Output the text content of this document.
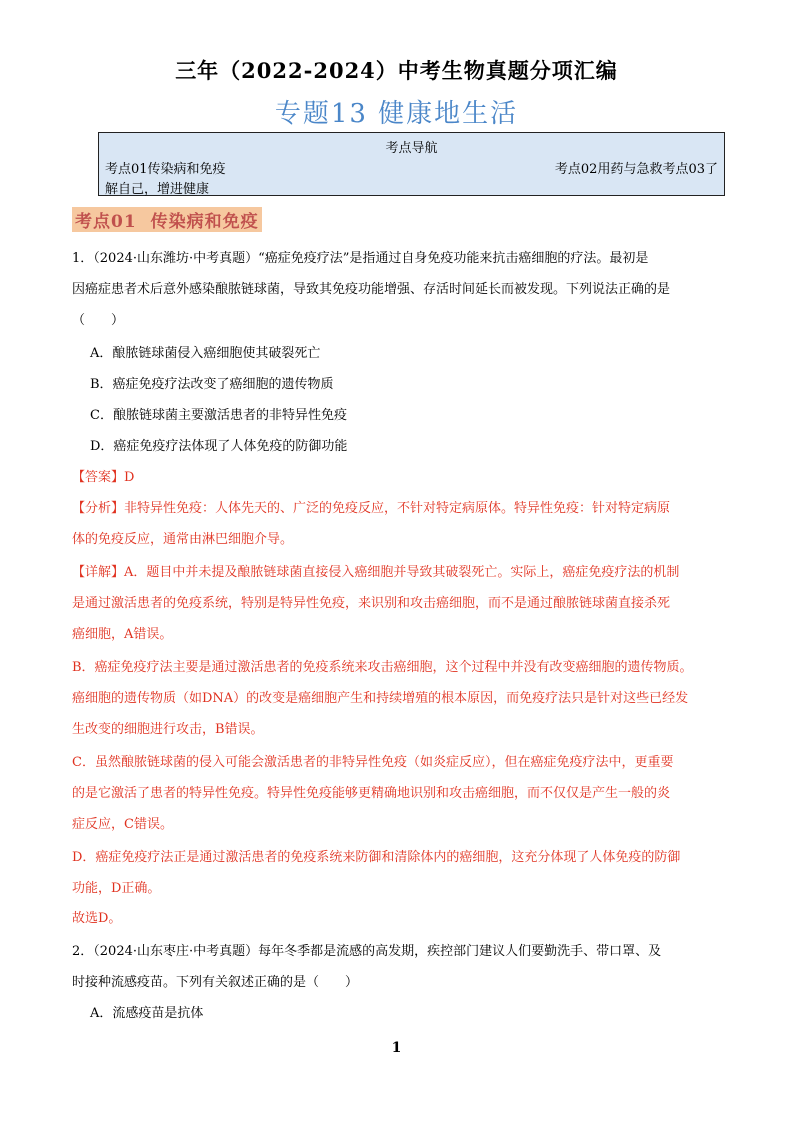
三年（2022-2024）中考生物真题分项汇编
专题13 健康地生活
考点导航
考点01传染病和免疫	考点02用药与急救考点03了
解自己，增进健康
考点01 传染病和免疫
1．（2024·山东潍坊·中考真题）“癌症免疫疗法”是指通过自身免疫功能来抗击癌细胞的疗法。最初是
因癌症患者术后意外感染酿脓链球菌，导致其免疫功能增强、存活时间延长而被发现。下列说法正确的是
（　　）
A．酿脓链球菌侵入癌细胞使其破裂死亡
B．癌症免疫疗法改变了癌细胞的遗传物质
C．酿脓链球菌主要激活患者的非特异性免疫
D．癌症免疫疗法体现了人体免疫的防御功能
【答案】D
【分析】非特异性免疫：人体先天的、广泛的免疫反应，不针对特定病原体。特异性免疫：针对特定病原
体的免疫反应，通常由淋巴细胞介导。
【详解】A．题目中并未提及酿脓链球菌直接侵入癌细胞并导致其破裂死亡。实际上，癌症免疫疗法的机制
是通过激活患者的免疫系统，特别是特异性免疫，来识别和攻击癌细胞，而不是通过酿脓链球菌直接杀死
癌细胞，A错误。
B．癌症免疫疗法主要是通过激活患者的免疫系统来攻击癌细胞，这个过程中并没有改变癌细胞的遗传物质。
癌细胞的遗传物质（如DNA）的改变是癌细胞产生和持续增殖的根本原因，而免疫疗法只是针对这些已经发
生改变的细胞进行攻击，B错误。
C．虽然酿脓链球菌的侵入可能会激活患者的非特异性免疫（如炎症反应），但在癌症免疫疗法中，更重要
的是它激活了患者的特异性免疫。特异性免疫能够更精确地识别和攻击癌细胞，而不仅仅是产生一般的炎
症反应，C错误。
D．癌症免疫疗法正是通过激活患者的免疫系统来防御和清除体内的癌细胞，这充分体现了人体免疫的防御
功能，D正确。
故选D。
2．（2024·山东枣庄·中考真题）每年冬季都是流感的高发期，疾控部门建议人们要勤洗手、带口罩、及
时接种流感疫苗。下列有关叙述正确的是（　　）
A．流感疫苗是抗体
1
